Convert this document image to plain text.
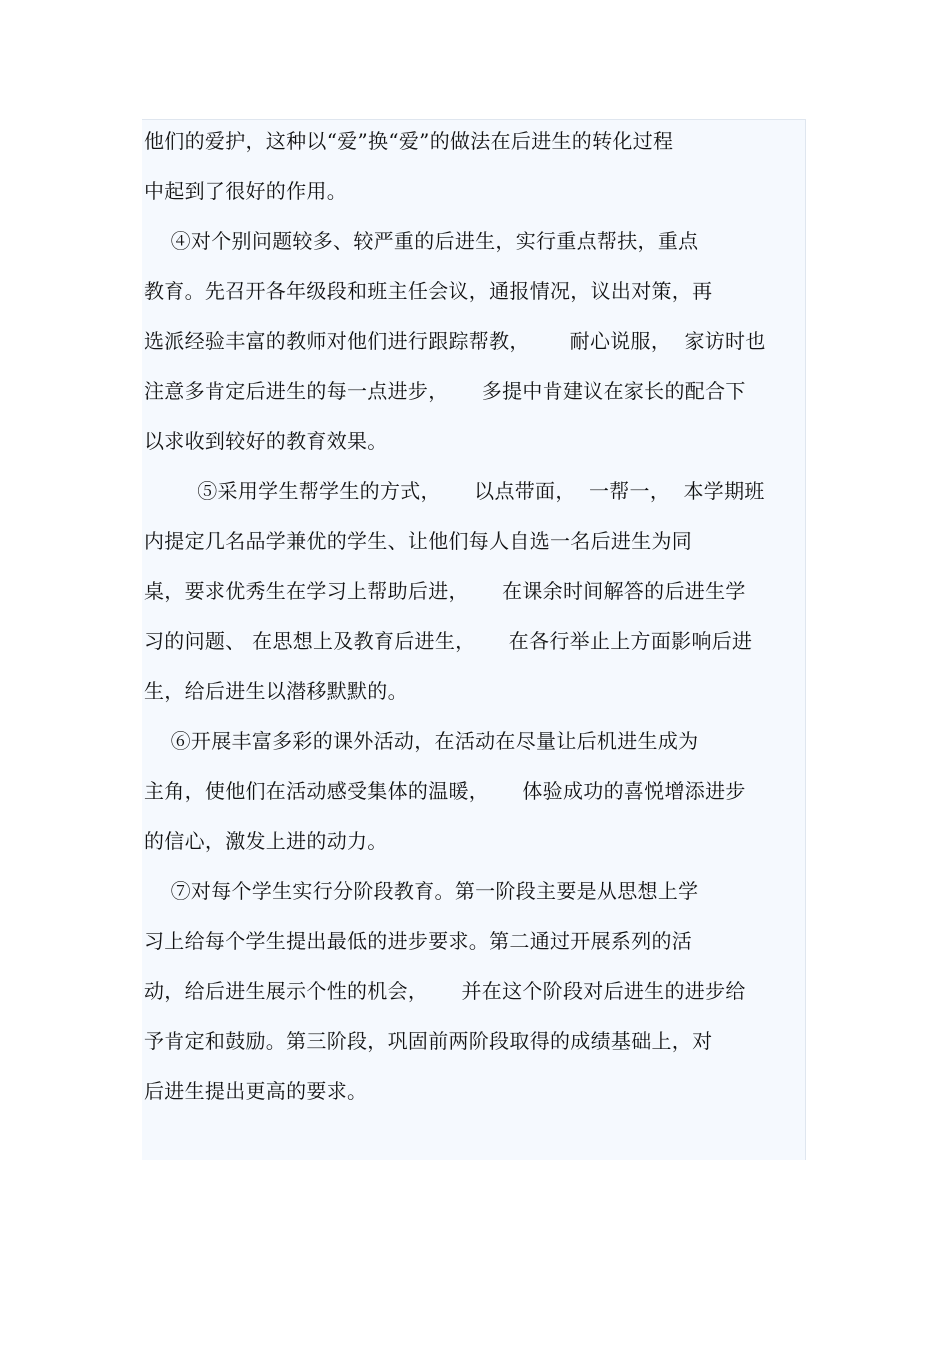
他们的爱护，这种以“爱”换“爱”的做法在后进生的转化过程
中起到了很好的作用。
④对个别问题较多、较严重的后进生，实行重点帮扶，重点
教育。先召开各年级段和班主任会议，通报情况，议出对策，再
选派经验丰富的教师对他们进行跟踪帮教，      耐心说服，  家访时也
注意多肯定后进生的每一点进步，     多提中肯建议在家长的配合下
以求收到较好的教育效果。
⑤采用学生帮学生的方式，     以点带面，  一帮一，  本学期班
内提定几名品学兼优的学生、让他们每人自选一名后进生为同
桌，要求优秀生在学习上帮助后进，     在课余时间解答的后进生学
习的问题、 在思想上及教育后进生，     在各行举止上方面影响后进
生，给后进生以潜移默默的。
⑥开展丰富多彩的课外活动，在活动在尽量让后机进生成为
主角，使他们在活动感受集体的温暖，     体验成功的喜悦增添进步
的信心，激发上进的动力。
⑦对每个学生实行分阶段教育。第一阶段主要是从思想上学
习上给每个学生提出最低的进步要求。第二通过开展系列的活
动，给后进生展示个性的机会，     并在这个阶段对后进生的进步给
予肯定和鼓励。第三阶段，巩固前两阶段取得的成绩基础上，对
后进生提出更高的要求。
